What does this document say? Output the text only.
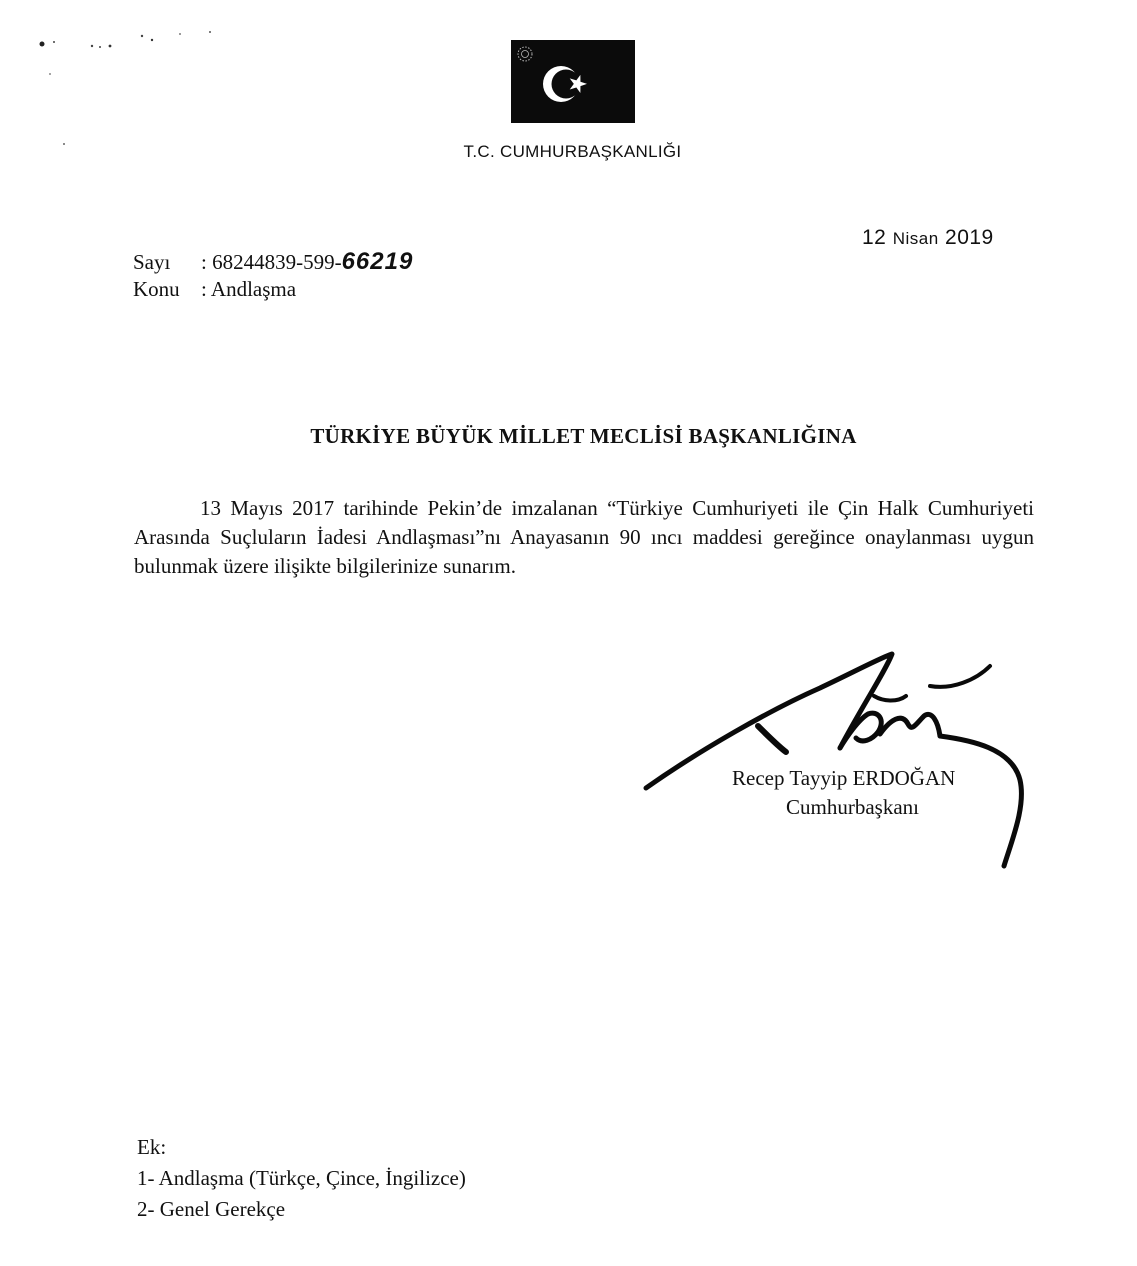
T.C. CUMHURBAŞKANLIĞI
Sayı : 68244839-599-66219
Konu : Andlaşma
12 Nisan 2019
TÜRKİYE BÜYÜK MİLLET MECLİSİ BAŞKANLIĞINA
13 Mayıs 2017 tarihinde Pekin’de imzalanan “Türkiye Cumhuriyeti ile Çin Halk Cumhuriyeti Arasında Suçluların İadesi Andlaşması”nı Anayasanın 90 ıncı maddesi gereğince onaylanması uygun bulunmak üzere ilişikte bilgilerinize sunarım.
Recep Tayyip ERDOĞAN
Cumhurbaşkanı
Ek:
1- Andlaşma (Türkçe, Çince, İngilizce)
2- Genel Gerekçe
